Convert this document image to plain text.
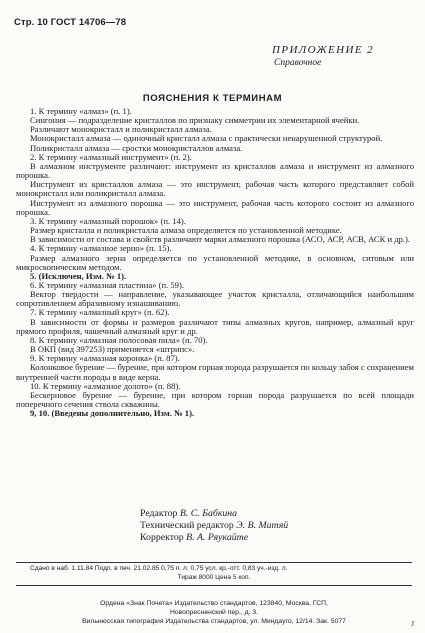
Стр. 10 ГОСТ 14706—78
ПРИЛОЖЕНИЕ 2
Справочное
ПОЯСНЕНИЯ К ТЕРМИНАМ

1. К термину «алмаз» (п. 1).

Сингония — подразделение кристаллов по признаку симметрии их элементарной ячейки.

Различают монокристалл и поликристалл алмаза.

Монокристалл алмаза — одиночный кристалл алмаза с практически ненарушенной структурой.

Поликристалл алмаза — сростки монокристаллов алмаза.

2. К термину «алмазный инструмент» (п. 2).

В алмазном инструменте различают: инструмент из кристаллов алмаза и инструмент из алмазного порошка.

Инструмент из кристаллов алмаза — это инструмент, рабочая часть которого представляет собой монокристалл или поликристалл алмаза.

Инструмент из алмазного порошка — это инструмент, рабочая часть которого состоит из алмазного порошка.

3. К термину «алмазный порошок» (п. 14).

Размер кристалла и поликристалла алмаза определяется по установленной методике.

В зависимости от состава и свойств различают марки алмазного порошка (АСО, АСР, АСВ, АСК и др.).

4. К термину «алмазное зерно» (п. 15).

Размер алмазного зерна определяется по установленной методике, в основном, ситовым или микроскопическим методом.

5. (Исключен, Изм. № 1).

6. К термину «алмазная пластина» (п. 59).

Вектор твердости — направление, указывающее участок кристалла, отличающийся наибольшим сопротивлением абразивному изнашиванию.

7. К термину «алмазный круг» (п. 62).

В зависимости от формы и размеров различают типы алмазных кругов, например, алмазный круг прямого профиля, чашечный алмазный круг и др.

8. К термину «алмазная полосовая пила» (п. 70).

В ОКП (вид 397253) применяется «штрипс».

9. К термину «алмазная коронка» (п. 87).

Колонковое бурение — бурение, при котором горная порода разрушается по кольцу забоя с сохранением внутренней части породы в виде керна.

10. К термину «алмазное долото» (п. 88).

Бескерновое бурение — бурение, при котором горная порода разрушается по всей площади поперечного сечения ствола скважины.

9, 10. (Введены дополнительно, Изм. № 1).

Редактор В. С. Бабкина
Технический редактор Э. В. Митяй
Корректор В. А. Ряукайте
Сдано в наб. 1.11.84 Подп. в печ. 21.02.85 0,75 п. л. 0,75 усл. кр.-отт. 0,83 уч.-изд. л.
Тираж 8000 Цена 5 коп.
Ордена «Знак Почета» Издательство стандартов, 123840, Москва, ГСП,
Новопресненский пер., д. 3.
Вильнюсская типография Издательства стандартов, ул. Миндауго, 12/14. Зак. 5077	J
